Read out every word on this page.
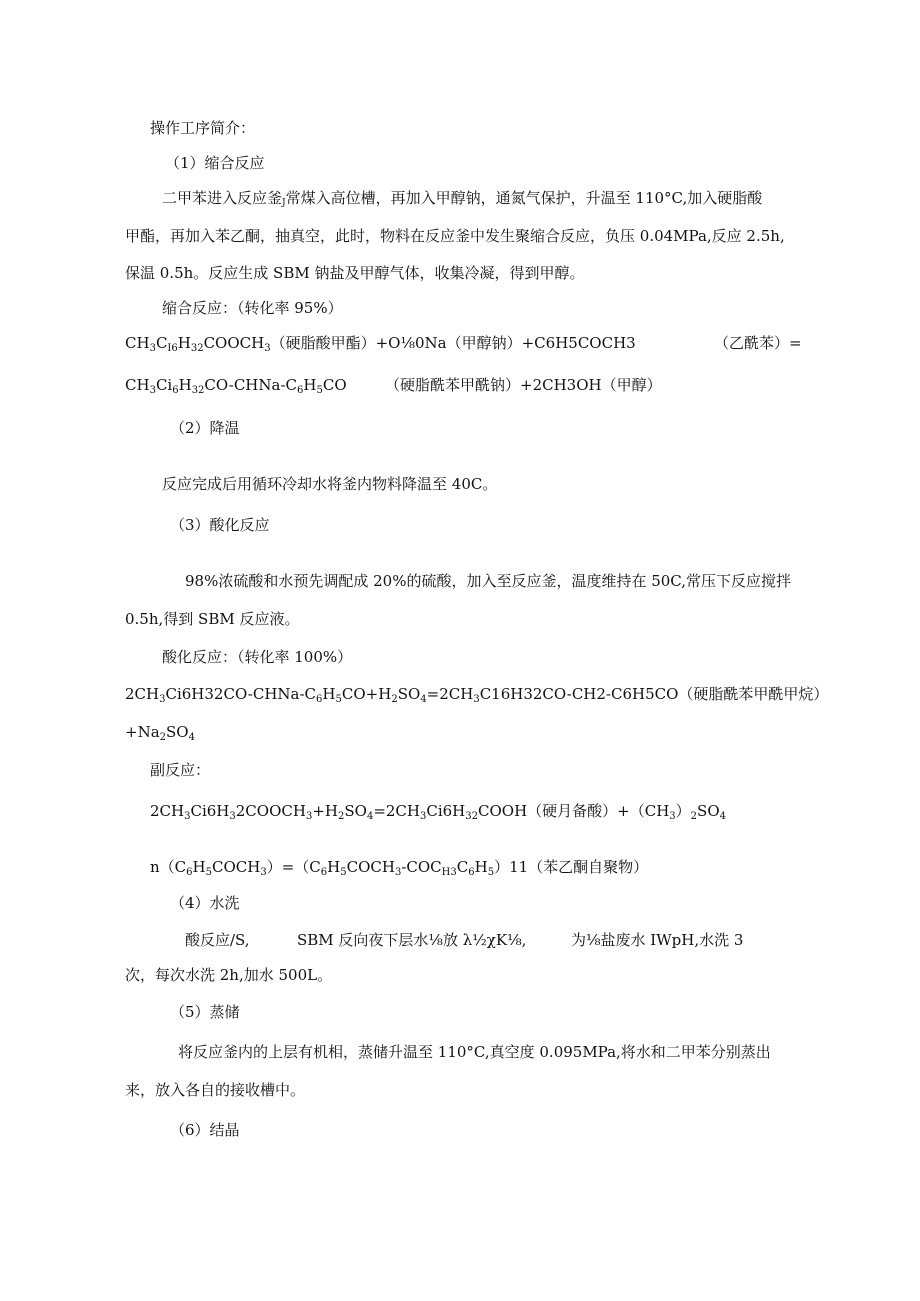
操作工序简介：
（1）缩合反应
二甲苯进入反应釜J常煤入高位槽，再加入甲醇钠，通氮气保护，升温至 110°C,加入硬脂酸
甲酯，再加入苯乙酮，抽真空，此时，物料在反应釜中发生聚缩合反应，负压 0.04MPa,反应 2.5h,
保温 0.5h。反应生成 SBM 钠盐及甲醇气体，收集冷凝，得到甲醇。
缩合反应：（转化率 95%）
$CH_3C_{I6}H_{32}COOCH_3$（硬脂酸甲酯）+O⅛0Na（甲醇钠）+C6H5COCH3	（乙酰苯）=
$CH_3Ci_6H_{32}CO-CHNa-C_6H_5CO$	（硬脂酰苯甲酰钠）+2CH3OH（甲醇）
（2）降温
反应完成后用循环冷却水将釜内物料降温至 40C。
（3）酸化反应
98%浓硫酸和水预先调配成 20%的硫酸，加入至反应釜，温度维持在 50C,常压下反应搅拌
0.5h,得到 SBM 反应液。
酸化反应：（转化率 100%）
$2CH_3Ci6H32CO-CHNa-C_6H_5CO+H_2SO_4=2CH_3C16H32CO-CH2-C6H5CO$（硬脂酰苯甲酰甲烷）
$+Na_2SO_4$
副反应：
$2CH_3Ci6H_32COOCH_3+H_2SO_4=2CH_3Ci6H_{32}COOH$（硬月备酸）$+(CH_3)_2SO_4$
$n(C_6H_5COCH_3)=(C_6H_5COCH_3-COC_{H3}C_6H_5)11$（苯乙酮自聚物）
（4）水洗
酸反应/S,	SBM 反向夜下层水⅛放 λ½χK⅛,	为⅛盐废水 IWpH,水洗 3
次，每次水洗 2h,加水 500L。
（5）蒸储
将反应釜内的上层有机相，蒸储升温至 110°C,真空度 0.095MPa,将水和二甲苯分别蒸出
来，放入各自的接收槽中。
（6）结晶
